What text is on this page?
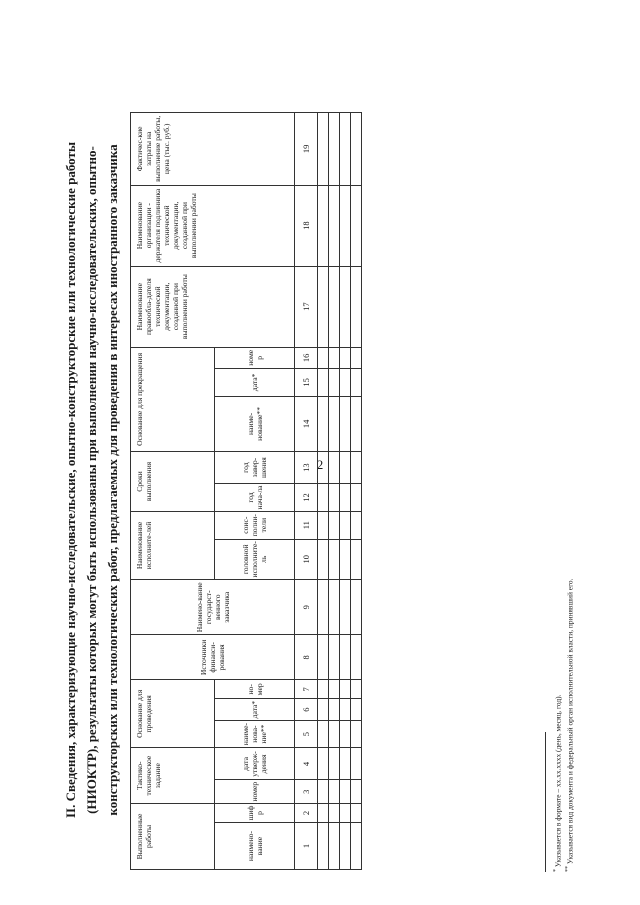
2
II. Сведения, характеризующие научно-исследовательские, опытно-конструкторские или технологические работы (НИОКТР), результаты которых могут быть использованы при выполнении научно-исследовательских, опытно- конструкторских или технологических работ, предлагаемых для проведения в интересах иностранного заказчика

Выполненные работы		Тактико-техническое задание		Основание для проведения			Источники финанси-рования	Наимено-вание государст-венного заказчика	Наименование исполните-лей		Сроки выполнения		Основание для прекращения			Наименование правообла-дателя технической документации, созданной при выполнении работы	Наименование организации - держателя подлинника технической документации, созданной при выполнении работы	Фактичес-кие затраты на выполнение работы, цена (тыс. руб.)
наимено-вание	шифр	номер	дата утверж-дения	наиме-нова-ние**	дата*	но-мер			головной исполните-ль	соис-полни-тели	год нача-ла	год завер-шения	наиме-нование**	дата*	номер			
1	2	3	4	5	6	7	8	9	10	11	12	13	14	15	16	17	18	19

* Указывается в формате – хх.хх.хххх (день, месяц, год).
** Указывается вид документа и федеральный орган исполнительной власти, принявший его.
